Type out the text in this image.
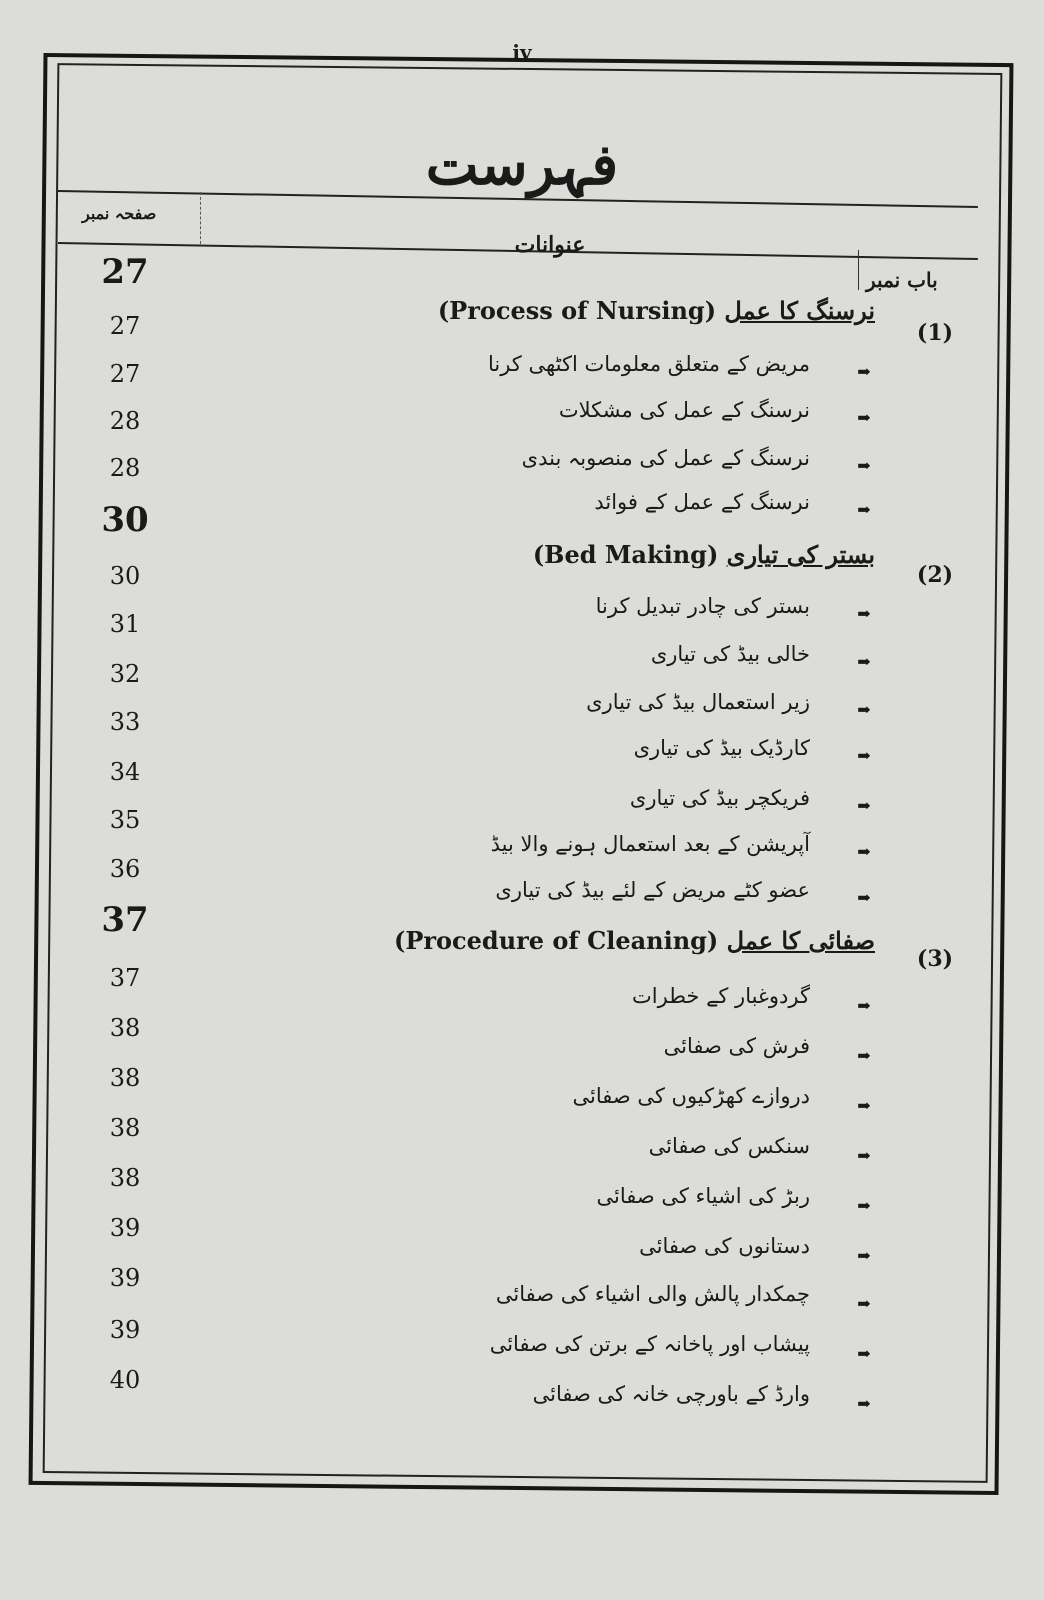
iv
فہرست
صفحہ نمبر
عنوانات
باب نمبر
27
(1)
نرسنگ کا عمل (Process of Nursing)
27
➡
مریض کے متعلق معلومات اکٹھی کرنا
27
➡
نرسنگ کے عمل کی مشکلات
28
➡
نرسنگ کے عمل کی منصوبہ بندی
28
➡
نرسنگ کے عمل کے فوائد
30
(2)
بستر کی تیاری (Bed Making)
30
➡
بستر کی چادر تبدیل کرنا
31
➡
خالی بیڈ کی تیاری
32
➡
زیر استعمال بیڈ کی تیاری
33
➡
کارڈیک بیڈ کی تیاری
34
➡
فریکچر بیڈ کی تیاری
35
➡
آپریشن کے بعد استعمال ہونے والا بیڈ
36
➡
عضو کٹے مریض کے لئے بیڈ کی تیاری
37
(3)
صفائی کا عمل (Procedure of Cleaning)
37
➡
گردوغبار کے خطرات
38
➡
فرش کی صفائی
38
➡
دروازے کھڑکیوں کی صفائی
38
➡
سنکس کی صفائی
38
➡
ربڑ کی اشیاء کی صفائی
39
➡
دستانوں کی صفائی
39
➡
چمکدار پالش والی اشیاء کی صفائی
39
➡
پیشاب اور پاخانہ کے برتن کی صفائی
40
➡
وارڈ کے باورچی خانہ کی صفائی
